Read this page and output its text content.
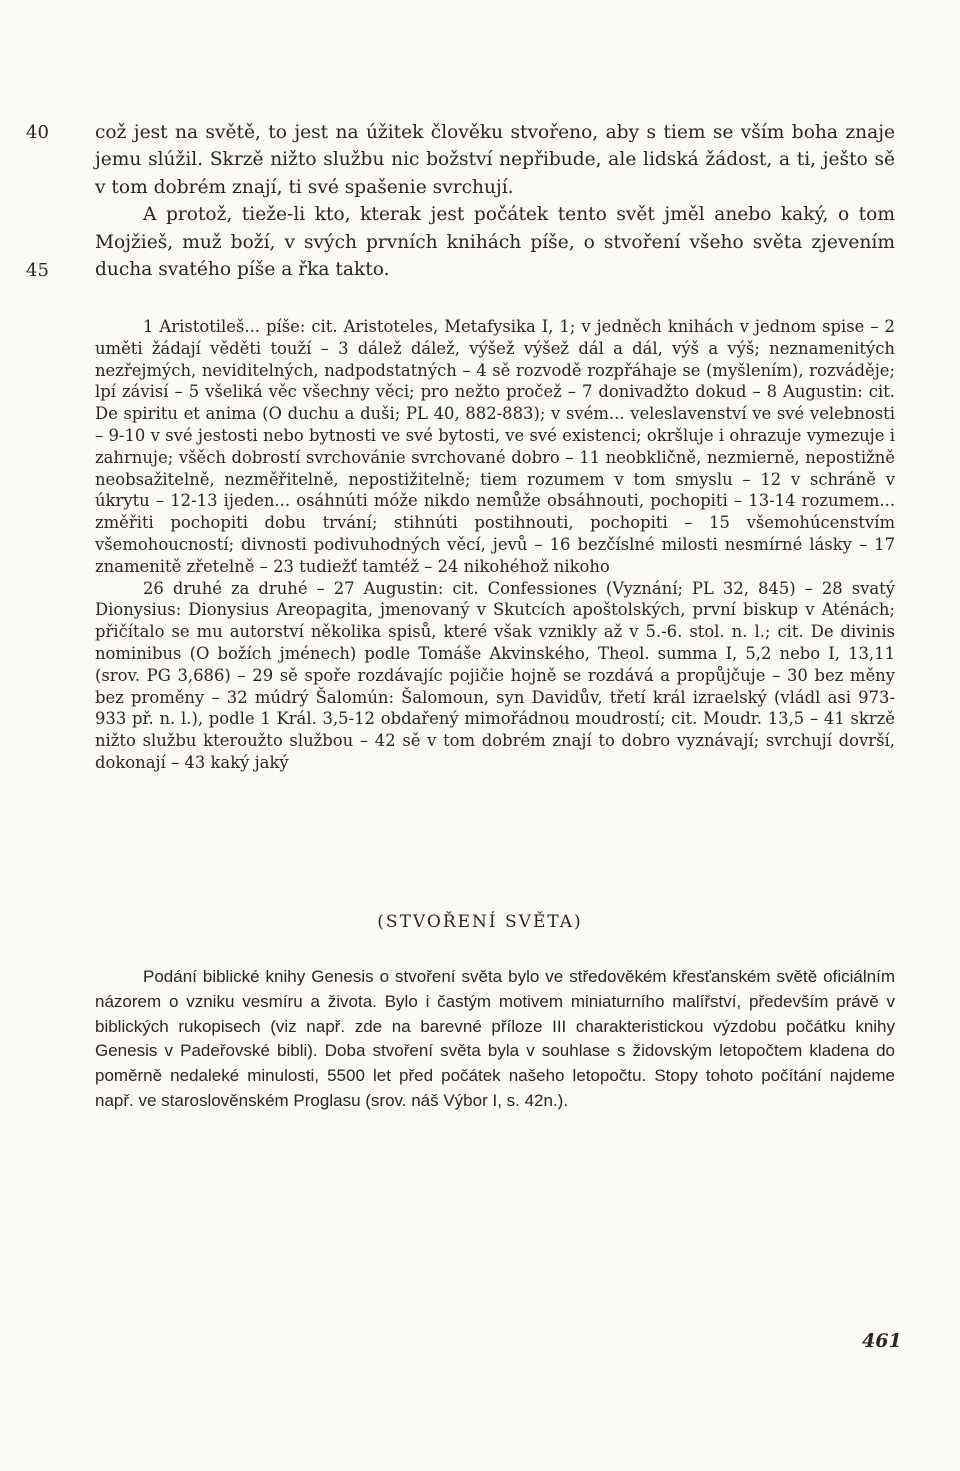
40
45
což jest na světě, to jest na úžitek člověku stvořeno, aby s tiem se vším boha znaje jemu slúžil. Skrzě nižto službu nic božství nepřibude, ale lidská žádost, a ti, ješto sě v tom dobrém znají, ti své spašenie svrchují.
A protož, tieže-li kto, kterak jest počátek tento svět jměl anebo kaký, o tom Mojžieš, muž boží, v svých prvních knihách píše, o stvoření všeho světa zjevením ducha svatého píše a řka takto.
1 Aristotileš... píše: cit. Aristoteles, Metafysika I, 1; v jedněch knihách v jednom spise – 2 uměti žádají věděti touží – 3 dálež dálež, výšež výšež dál a dál, výš a výš; neznamenitých nezřejmých, neviditelných, nadpodstatných – 4 sě rozvodě rozpřáhaje se (myšlením), rozváděje; lpí závisí – 5 všeliká věc všechny věci; pro nežto pročež – 7 donivadžto dokud – 8 Augustin: cit. De spiritu et anima (O duchu a duši; PL 40, 882-883); v svém... veleslavenství ve své velebnosti – 9-10 v své jestosti nebo bytnosti ve své bytosti, ve své existenci; okršluje i ohrazuje vymezuje i zahrnuje; všěch dobrostí svrchovánie svrchované dobro – 11 neobkličně, nezmierně, nepostižně neobsažitelně, nezměřitelně, nepostižitelně; tiem rozumem v tom smyslu – 12 v schráně v úkrytu – 12-13 ijeden... osáhnúti móže nikdo nemůže obsáhnouti, pochopiti – 13-14 rozumem... změřiti pochopiti dobu trvání; stihnúti postihnouti, pochopiti – 15 všemohúcenstvím všemohoucností; divnosti podivuhodných věcí, jevů – 16 bezčíslné milosti nesmírné lásky – 17 znamenitě zřetelně – 23 tudiežť tamtéž – 24 nikohéhož nikoho
26 druhé za druhé – 27 Augustin: cit. Confessiones (Vyznání; PL 32, 845) – 28 svatý Dionysius: Dionysius Areopagita, jmenovaný v Skutcích apoštolských, první biskup v Aténách; přičítalo se mu autorství několika spisů, které však vznikly až v 5.-6. stol. n. l.; cit. De divinis nominibus (O božích jménech) podle Tomáše Akvinského, Theol. summa I, 5,2 nebo I, 13,11 (srov. PG 3,686) – 29 sě spoře rozdávajíc pojičie hojně se rozdává a propůjčuje – 30 bez měny bez proměny – 32 múdrý Šalomún: Šalomoun, syn Davidův, třetí král izraelský (vládl asi 973-933 př. n. l.), podle 1 Král. 3,5-12 obdařený mimořádnou moudrostí; cit. Moudr. 13,5 – 41 skrzě nižto službu kteroužto službou – 42 sě v tom dobrém znají to dobro vyznávají; svrchují dovrší, dokonají – 43 kaký jaký
(STVOŘENÍ SVĚTA)
Podání biblické knihy Genesis o stvoření světa bylo ve středověkém křesťanském světě oficiálním názorem o vzniku vesmíru a života. Bylo i častým motivem miniaturního malířství, především právě v biblických rukopisech (viz např. zde na barevné příloze III charakteristickou výzdobu počátku knihy Genesis v Padeřovské bibli). Doba stvoření světa byla v souhlase s židovským letopočtem kladena do poměrně nedaleké minulosti, 5500 let před počátek našeho letopočtu. Stopy tohoto počítání najdeme např. ve staroslověnském Proglasu (srov. náš Výbor I, s. 42n.).
461
